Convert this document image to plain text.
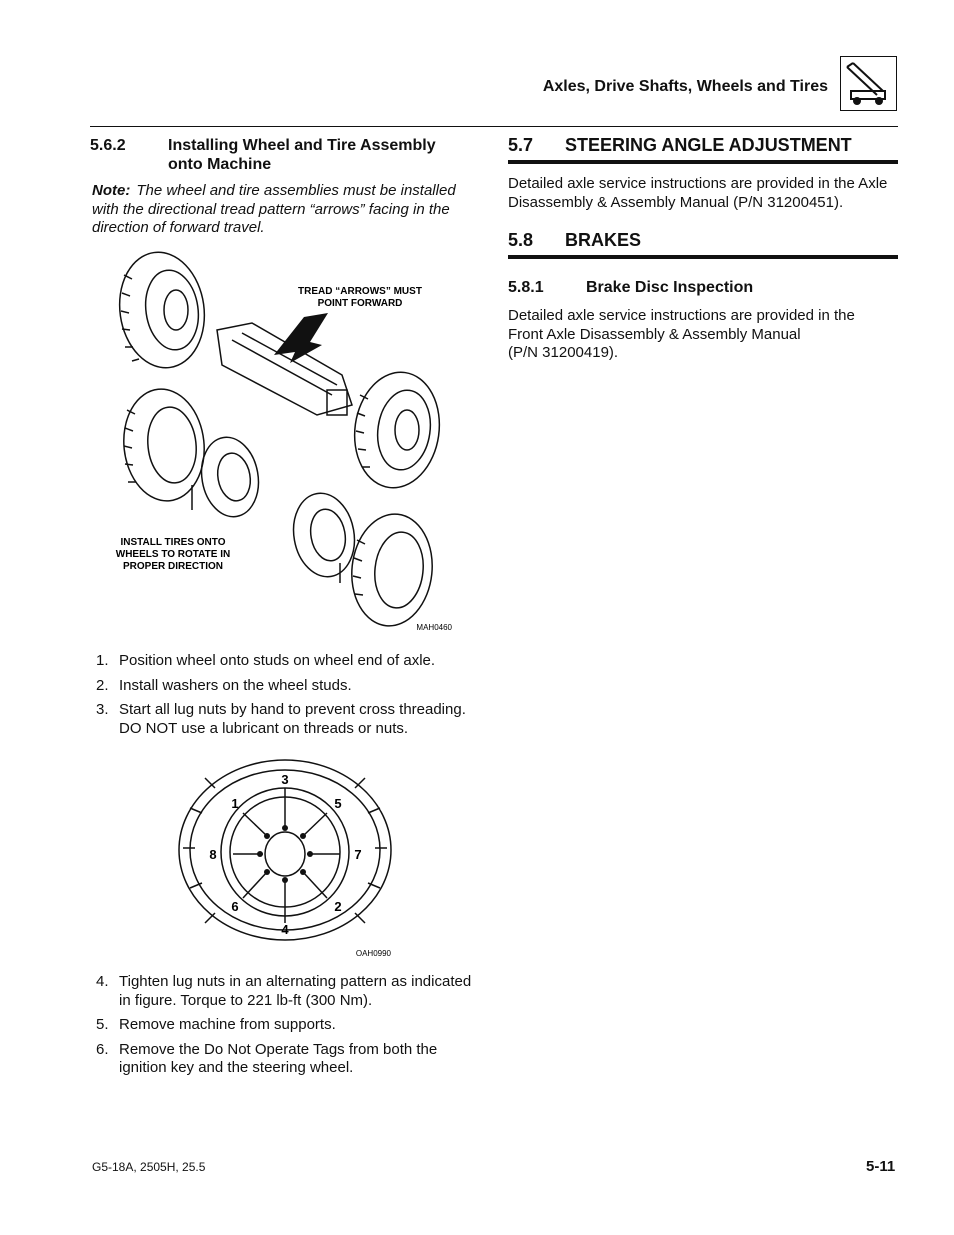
Axles, Drive Shafts, Wheels and Tires
5.6.2	Installing Wheel and Tire Assembly onto Machine
Note: The wheel and tire assemblies must be installed with the directional tread pattern “arrows” facing in the direction of forward travel.
TREAD “ARROWS” MUST
POINT FORWARD
INSTALL TIRES ONTO
WHEELS TO ROTATE IN
PROPER DIRECTION
MAH0460
1. Position wheel onto studs on wheel end of axle.
2. Install washers on the wheel studs.
3. Start all lug nuts by hand to prevent cross threading. DO NOT use a lubricant on threads or nuts.
3
1	5
8	7
6	2
4
OAH0990
4. Tighten lug nuts in an alternating pattern as indicated in figure. Torque to 221 lb-ft (300 Nm).
5. Remove machine from supports.
6. Remove the Do Not Operate Tags from both the ignition key and the steering wheel.
5.7 STEERING ANGLE ADJUSTMENT
Detailed axle service instructions are provided in the Axle Disassembly & Assembly Manual (P/N 31200451).
5.8 BRAKES
5.8.1	Brake Disc Inspection
Detailed axle service instructions are provided in the
Front Axle Disassembly & Assembly Manual
(P/N 31200419).
G5-18A, 2505H, 25.5	5-11
